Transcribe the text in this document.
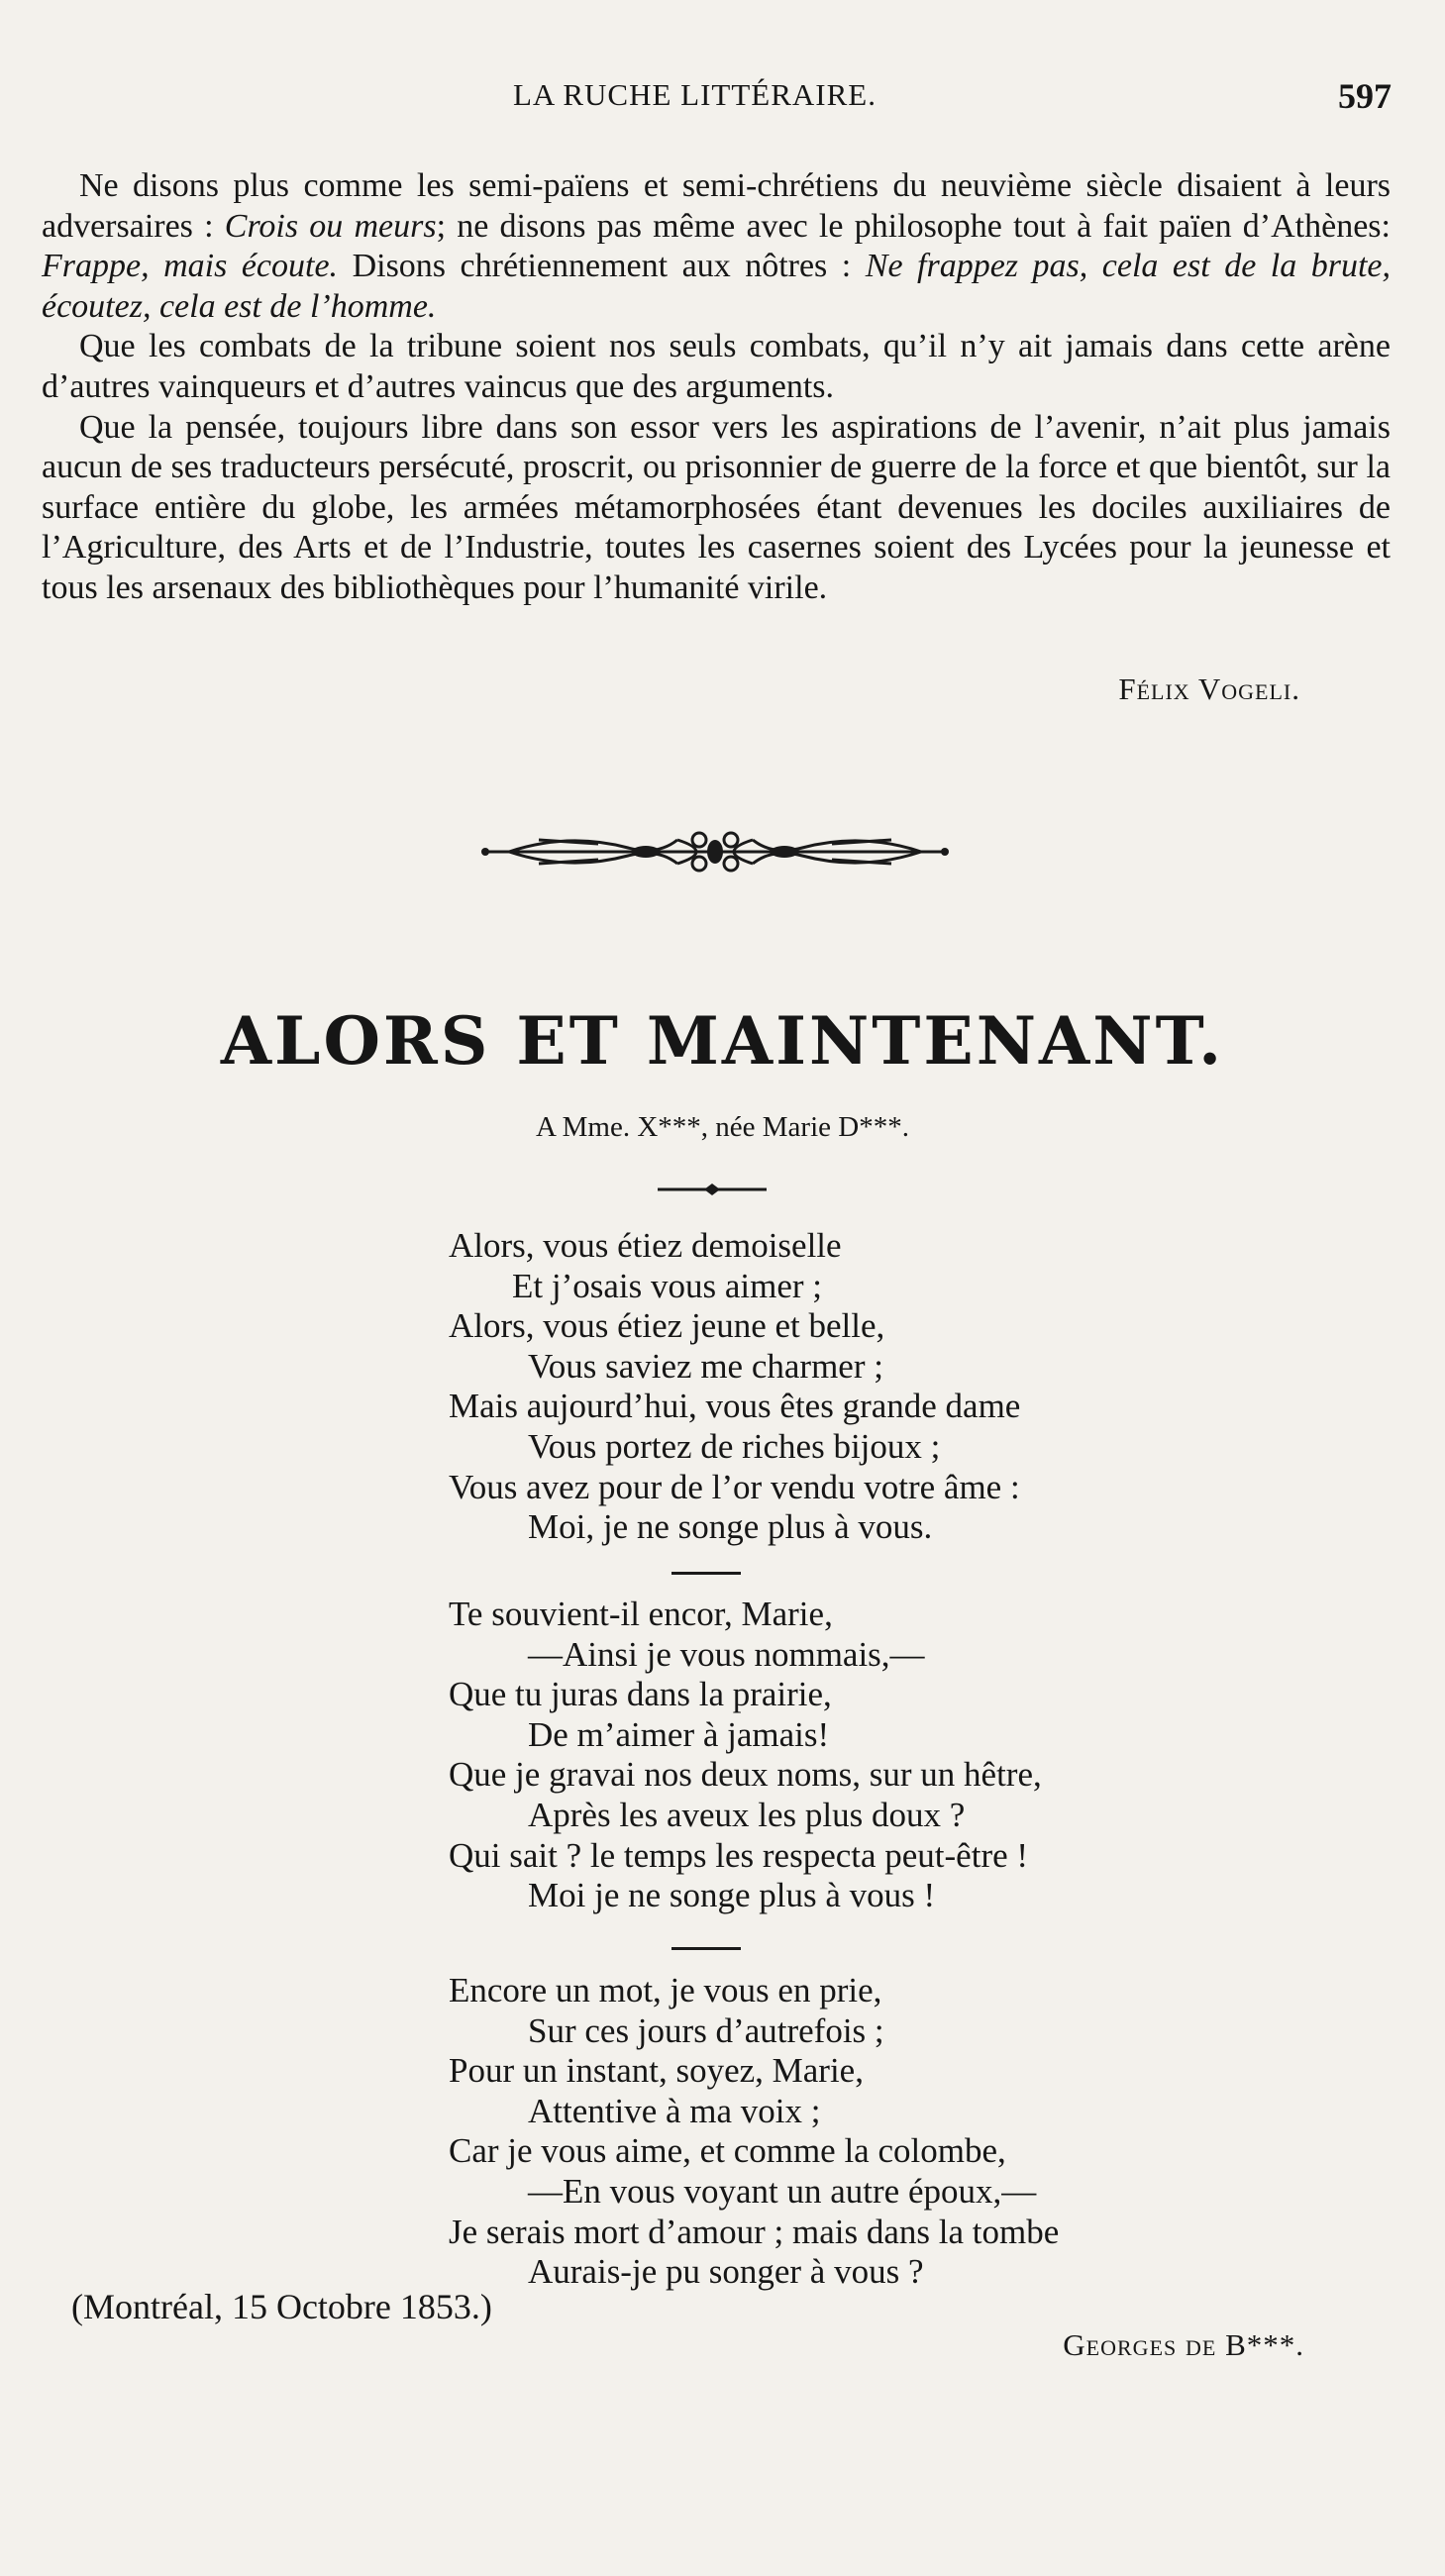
LA RUCHE LITTÉRAIRE.	597

Ne disons plus comme les semi-païens et semi-chrétiens du neuvième siècle disaient à leurs adversaires : Crois ou meurs; ne disons pas même avec le philosophe tout à fait païen d’Athènes: Frappe, mais écoute. Disons chrétiennement aux nôtres : Ne frappez pas, cela est de la brute, écoutez, cela est de l’homme.

Que les combats de la tribune soient nos seuls combats, qu’il n’y ait jamais dans cette arène d’autres vainqueurs et d’autres vaincus que des arguments.

Que la pensée, toujours libre dans son essor vers les aspirations de l’avenir, n’ait plus jamais aucun de ses traducteurs persécuté, proscrit, ou prisonnier de guerre de la force et que bientôt, sur la surface entière du globe, les armées métamorphosées étant devenues les dociles auxiliaires de l’Agriculture, des Arts et de l’Industrie, toutes les casernes soient des Lycées pour la jeunesse et tous les arsenaux des bibliothèques pour l’humanité virile.

Félix Vogeli.
ALORS ET MAINTENANT.
A Mme. X***, née Marie D***.
Alors, vous étiez demoiselle
Et j’osais vous aimer ;
Alors, vous étiez jeune et belle,
Vous saviez me charmer ;
Mais aujourd’hui, vous êtes grande dame
Vous portez de riches bijoux ;
Vous avez pour de l’or vendu votre âme :
Moi, je ne songe plus à vous.
Te souvient-il encor, Marie,
—Ainsi je vous nommais,—
Que tu juras dans la prairie,
De m’aimer à jamais!
Que je gravai nos deux noms, sur un hêtre,
Après les aveux les plus doux ?
Qui sait ? le temps les respecta peut-être !
Moi je ne songe plus à vous !
Encore un mot, je vous en prie,
Sur ces jours d’autrefois ;
Pour un instant, soyez, Marie,
Attentive à ma voix ;
Car je vous aime, et comme la colombe,
—En vous voyant un autre époux,—
Je serais mort d’amour ; mais dans la tombe
Aurais-je pu songer à vous ?
(Montréal, 15 Octobre 1853.)
Georges de B***.
